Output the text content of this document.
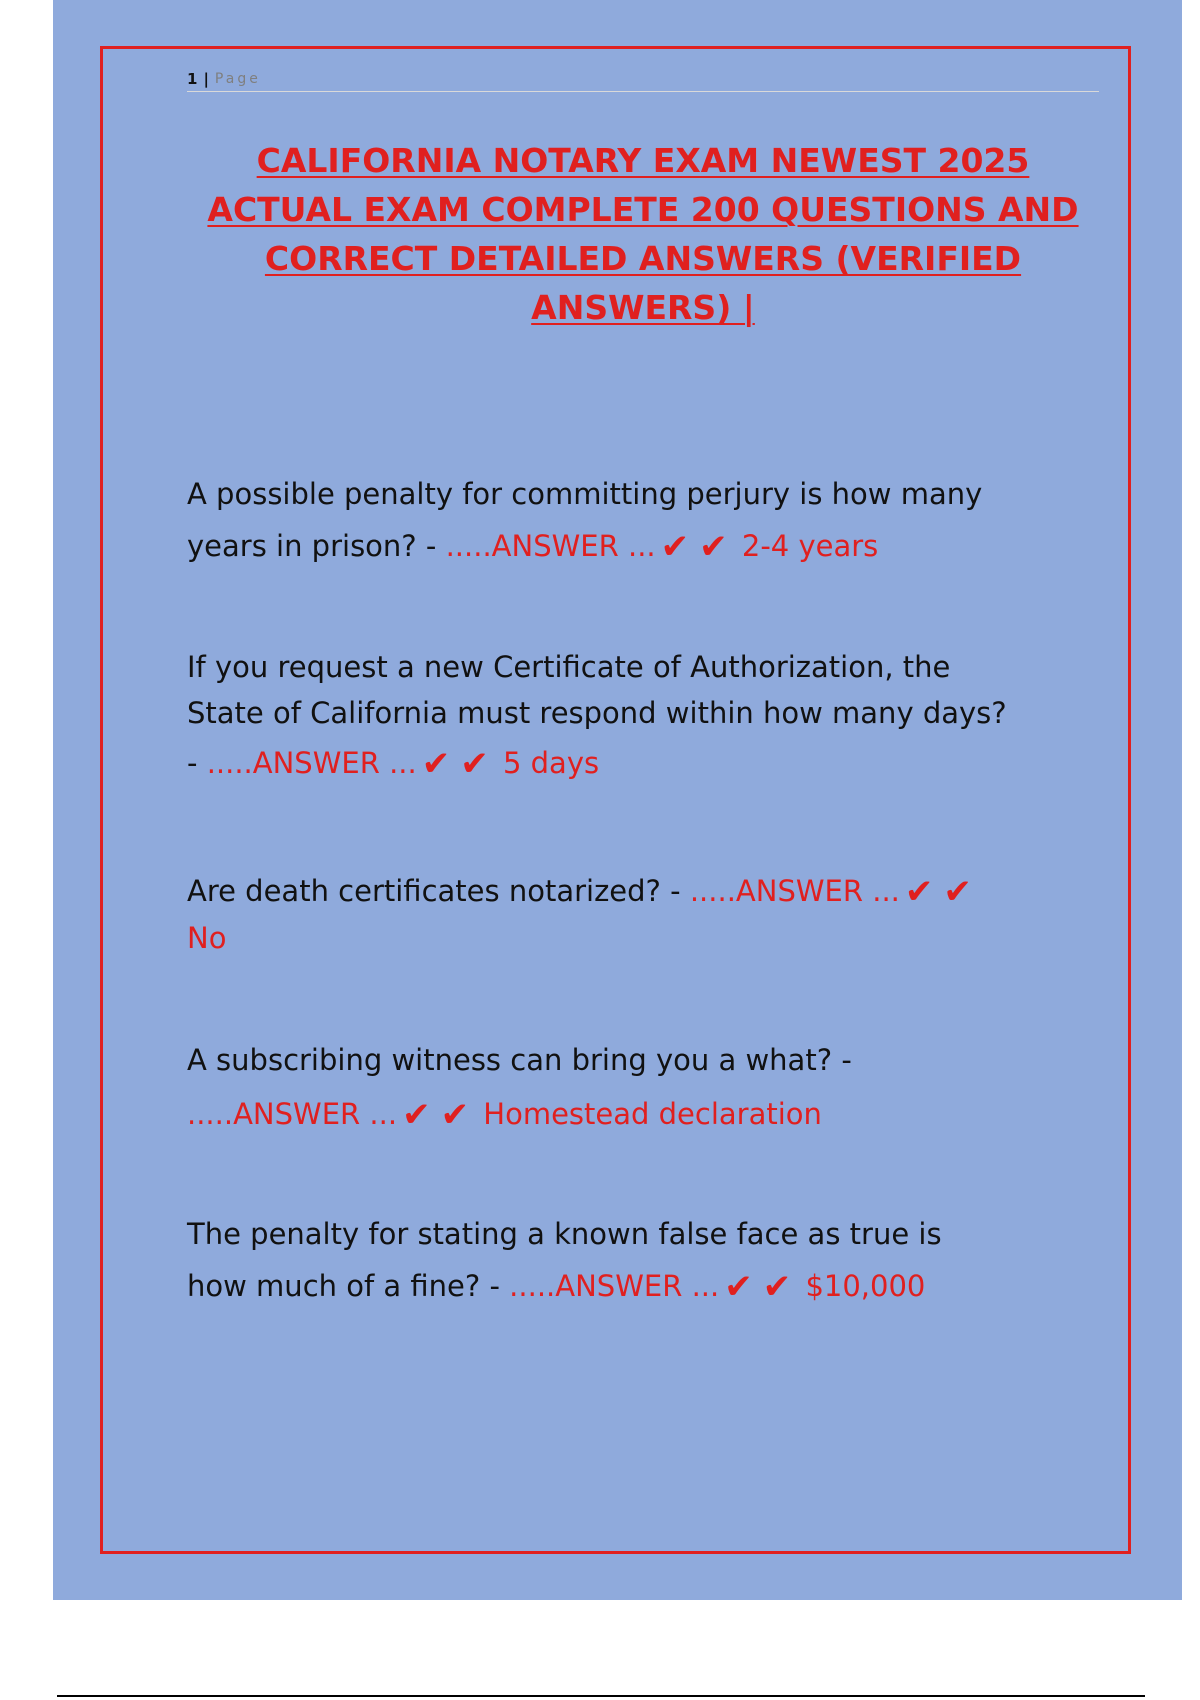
1 | Page
CALIFORNIA NOTARY EXAM NEWEST 2025
ACTUAL EXAM COMPLETE 200 QUESTIONS AND
CORRECT DETAILED ANSWERS (VERIFIED
ANSWERS) |
A possible penalty for committing perjury is how many
years in prison? - .....ANSWER ... ✔ ✔ 2-4 years
If you request a new Certificate of Authorization, the
State of California must respond within how many days?
- .....ANSWER ... ✔ ✔ 5 days
Are death certificates notarized? - .....ANSWER ... ✔ ✔
No
A subscribing witness can bring you a what? -
.....ANSWER ... ✔ ✔ Homestead declaration
The penalty for stating a known false face as true is
how much of a fine? - .....ANSWER ... ✔ ✔ $10,000
